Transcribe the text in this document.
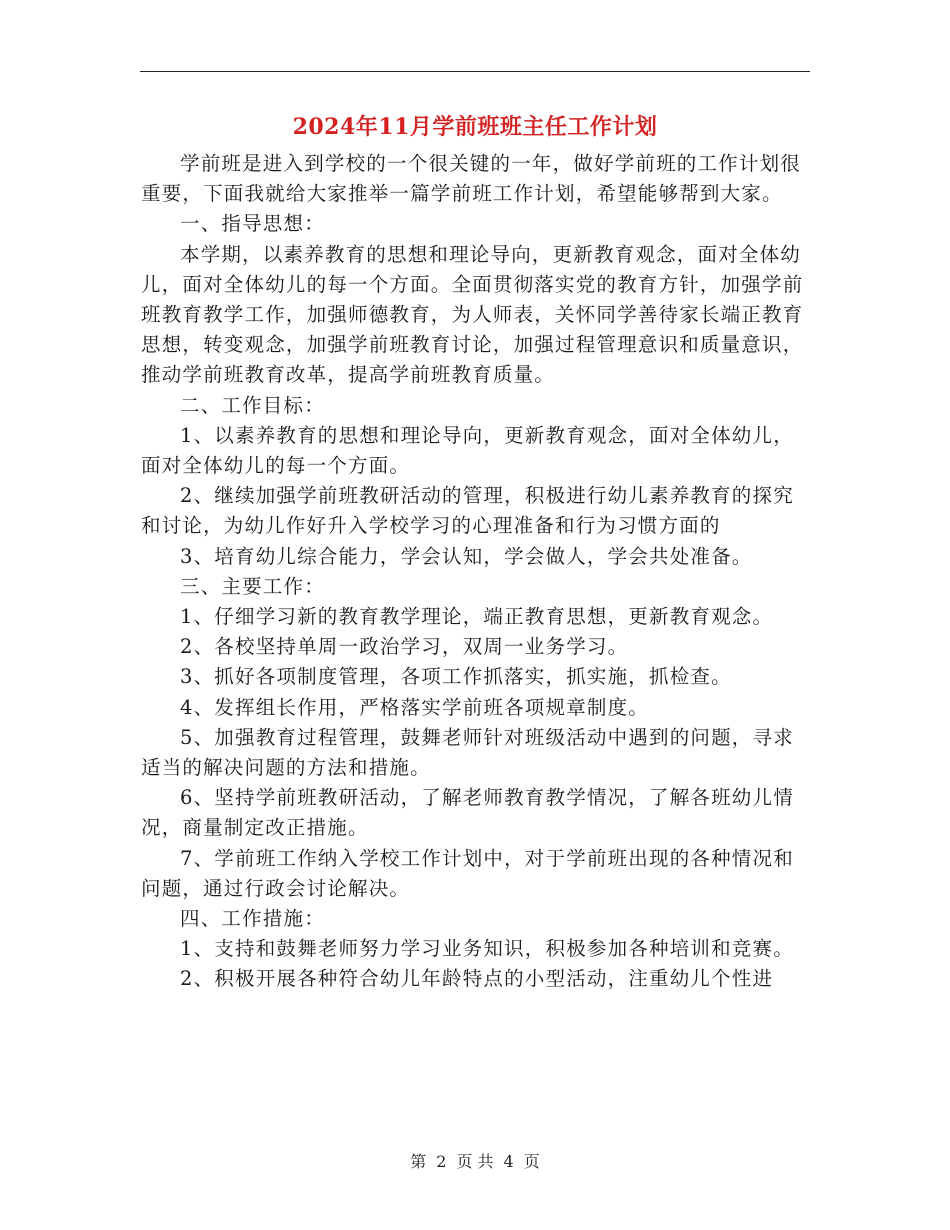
2024年11月学前班班主任工作计划

学前班是进入到学校的一个很关键的一年，做好学前班的工作计划很重要，下面我就给大家推举一篇学前班工作计划，希望能够帮到大家。

一、指导思想：

本学期，以素养教育的思想和理论导向，更新教育观念，面对全体幼儿，面对全体幼儿的每一个方面。全面贯彻落实党的教育方针，加强学前班教育教学工作，加强师德教育，为人师表，关怀同学善待家长端正教育思想，转变观念，加强学前班教育讨论，加强过程管理意识和质量意识，推动学前班教育改革，提高学前班教育质量。

二、工作目标：

1、以素养教育的思想和理论导向，更新教育观念，面对全体幼儿，面对全体幼儿的每一个方面。

2、继续加强学前班教研活动的管理，积极进行幼儿素养教育的探究和讨论，为幼儿作好升入学校学习的心理准备和行为习惯方面的

3、培育幼儿综合能力，学会认知，学会做人，学会共处准备。

三、主要工作：

1、仔细学习新的教育教学理论，端正教育思想，更新教育观念。

2、各校坚持单周一政治学习，双周一业务学习。

3、抓好各项制度管理，各项工作抓落实，抓实施，抓检查。

4、发挥组长作用，严格落实学前班各项规章制度。

5、加强教育过程管理，鼓舞老师针对班级活动中遇到的问题，寻求适当的解决问题的方法和措施。

6、坚持学前班教研活动，了解老师教育教学情况，了解各班幼儿情况，商量制定改正措施。

7、学前班工作纳入学校工作计划中，对于学前班出现的各种情况和问题，通过行政会讨论解决。

四、工作措施：

1、支持和鼓舞老师努力学习业务知识，积极参加各种培训和竞赛。

2、积极开展各种符合幼儿年龄特点的小型活动，注重幼儿个性进

第 2 页 共 4 页
